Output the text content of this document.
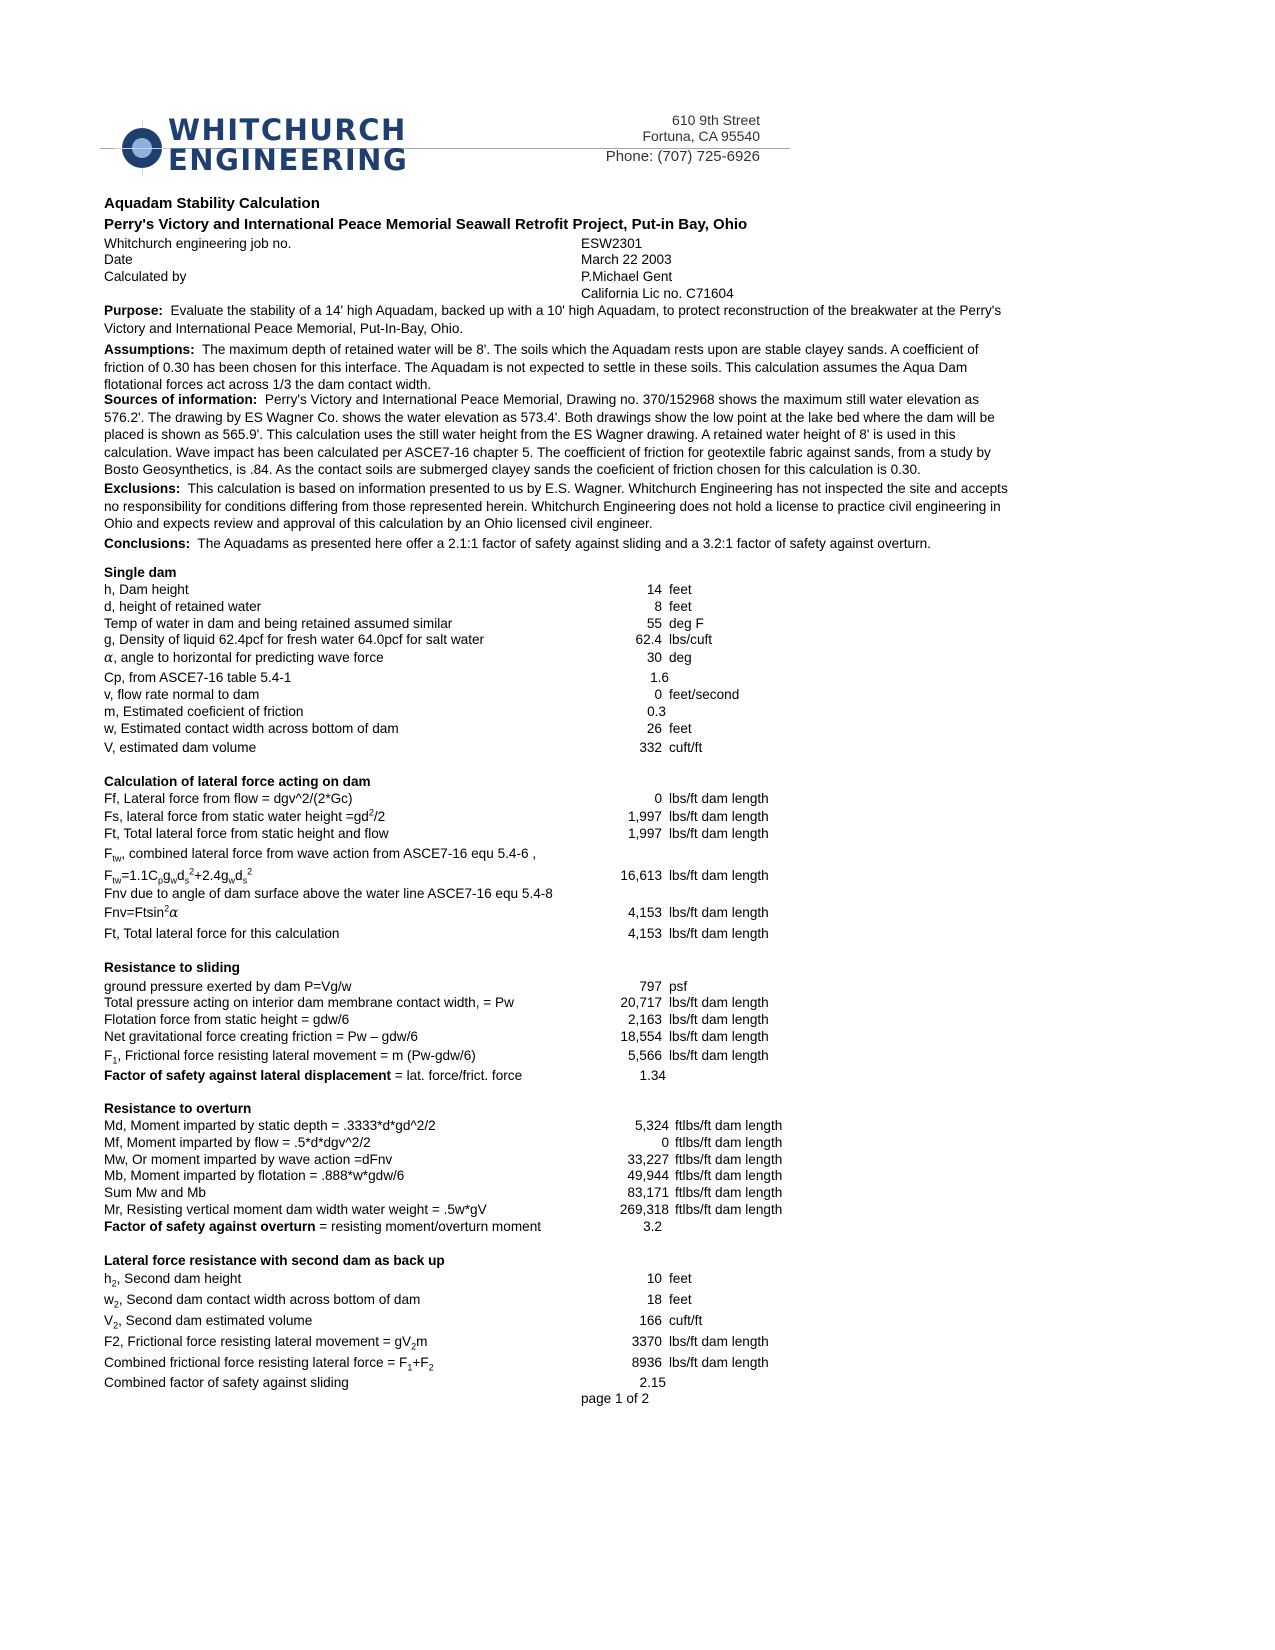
WHITCHURCH
ENGINEERING
610 9th Street
Fortuna, CA 95540
Phone: (707) 725-6926
Aquadam Stability Calculation
Perry's Victory and International Peace Memorial Seawall Retrofit Project, Put-in Bay, Ohio
Whitchurch engineering job no.	ESW2301
Date	March 22 2003
Calculated by	P.Michael Gent
California Lic no. C71604
Purpose: Evaluate the stability of a 14' high Aquadam, backed up with a 10' high Aquadam, to protect reconstruction of the breakwater at the Perry's Victory and International Peace Memorial, Put-In-Bay, Ohio.
Assumptions: The maximum depth of retained water will be 8'. The soils which the Aquadam rests upon are stable clayey sands. A coefficient of friction of 0.30 has been chosen for this interface. The Aquadam is not expected to settle in these soils. This calculation assumes the Aqua Dam flotational forces act across 1/3 the dam contact width.
Sources of information: Perry's Victory and International Peace Memorial, Drawing no. 370/152968 shows the maximum still water elevation as 576.2'. The drawing by ES Wagner Co. shows the water elevation as 573.4'. Both drawings show the low point at the lake bed where the dam will be placed is shown as 565.9'. This calculation uses the still water height from the ES Wagner drawing. A retained water height of 8' is used in this calculation. Wave impact has been calculated per ASCE7-16 chapter 5. The coefficient of friction for geotextile fabric against sands, from a study by Bosto Geosynthetics, is .84. As the contact soils are submerged clayey sands the coeficient of friction chosen for this calculation is 0.30.
Exclusions: This calculation is based on information presented to us by E.S. Wagner. Whitchurch Engineering has not inspected the site and accepts no responsibility for conditions differing from those represented herein. Whitchurch Engineering does not hold a license to practice civil engineering in Ohio and expects review and approval of this calculation by an Ohio licensed civil engineer.
Conclusions: The Aquadams as presented here offer a 2.1:1 factor of safety against sliding and a 3.2:1 factor of safety against overturn.
Single dam
h, Dam height	14 feet
d, height of retained water	8 feet
Temp of water in dam and being retained assumed similar	55 deg F
g, Density of liquid 62.4pcf for fresh water 64.0pcf for salt water	62.4 lbs/cuft
α, angle to horizontal for predicting wave force	30 deg
Cp, from ASCE7-16 table 5.4-1	1.6
v, flow rate normal to dam	0 feet/second
m, Estimated coeficient of friction	0.3
w, Estimated contact width across bottom of dam	26 feet
V, estimated dam volume	332 cuft/ft
Calculation of lateral force acting on dam
Ff, Lateral force from flow = dgv^2/(2*Gc)	0 lbs/ft dam length
Fs, lateral force from static water height $=gd^2/2$	1,997 lbs/ft dam length
Ft, Total lateral force from static height and flow	1,997 lbs/ft dam length
$F_{tw}$, combined lateral force from wave action from ASCE7-16 equ 5.4-6 ,
$F_{tw}=1.1C_pg_wd_s^2+2.4g_wd_s^2$	16,613 lbs/ft dam length
Fnv due to angle of dam surface above the water line ASCE7-16 equ 5.4-8
Fnv=Ftsin$^2$α	4,153 lbs/ft dam length
Ft, Total lateral force for this calculation	4,153 lbs/ft dam length
Resistance to sliding
ground pressure exerted by dam P=Vg/w	797 psf
Total pressure acting on interior dam membrane contact width, = Pw	20,717 lbs/ft dam length
Flotation force from static height = gdw/6	2,163 lbs/ft dam length
Net gravitational force creating friction = Pw – gdw/6	18,554 lbs/ft dam length
$F_1$, Frictional force resisting lateral movement = m (Pw-gdw/6)	5,566 lbs/ft dam length
Factor of safety against lateral displacement = lat. force/frict. force	1.34
Resistance to overturn
Md, Moment imparted by static depth = .3333*d*gd^2/2	5,324 ftlbs/ft dam length
Mf, Moment imparted by flow = .5*d*dgv^2/2	0 ftlbs/ft dam length
Mw, Or moment imparted by wave action =dFnv	33,227 ftlbs/ft dam length
Mb, Moment imparted by flotation = .888*w*gdw/6	49,944 ftlbs/ft dam length
Sum Mw and Mb	83,171 ftlbs/ft dam length
Mr, Resisting vertical moment dam width water weight = .5w*gV	269,318 ftlbs/ft dam length
Factor of safety against overturn = resisting moment/overturn moment	3.2
Lateral force resistance with second dam as back up
$h_2$, Second dam height	10 feet
$w_2$, Second dam contact width across bottom of dam	18 feet
$V_2$, Second dam estimated volume	166 cuft/ft
F2, Frictional force resisting lateral movement = $gV_2m$	3370 lbs/ft dam length
Combined frictional force resisting lateral force = $F_1+F_2$	8936 lbs/ft dam length
Combined factor of safety against sliding	2.15
page 1 of 2
